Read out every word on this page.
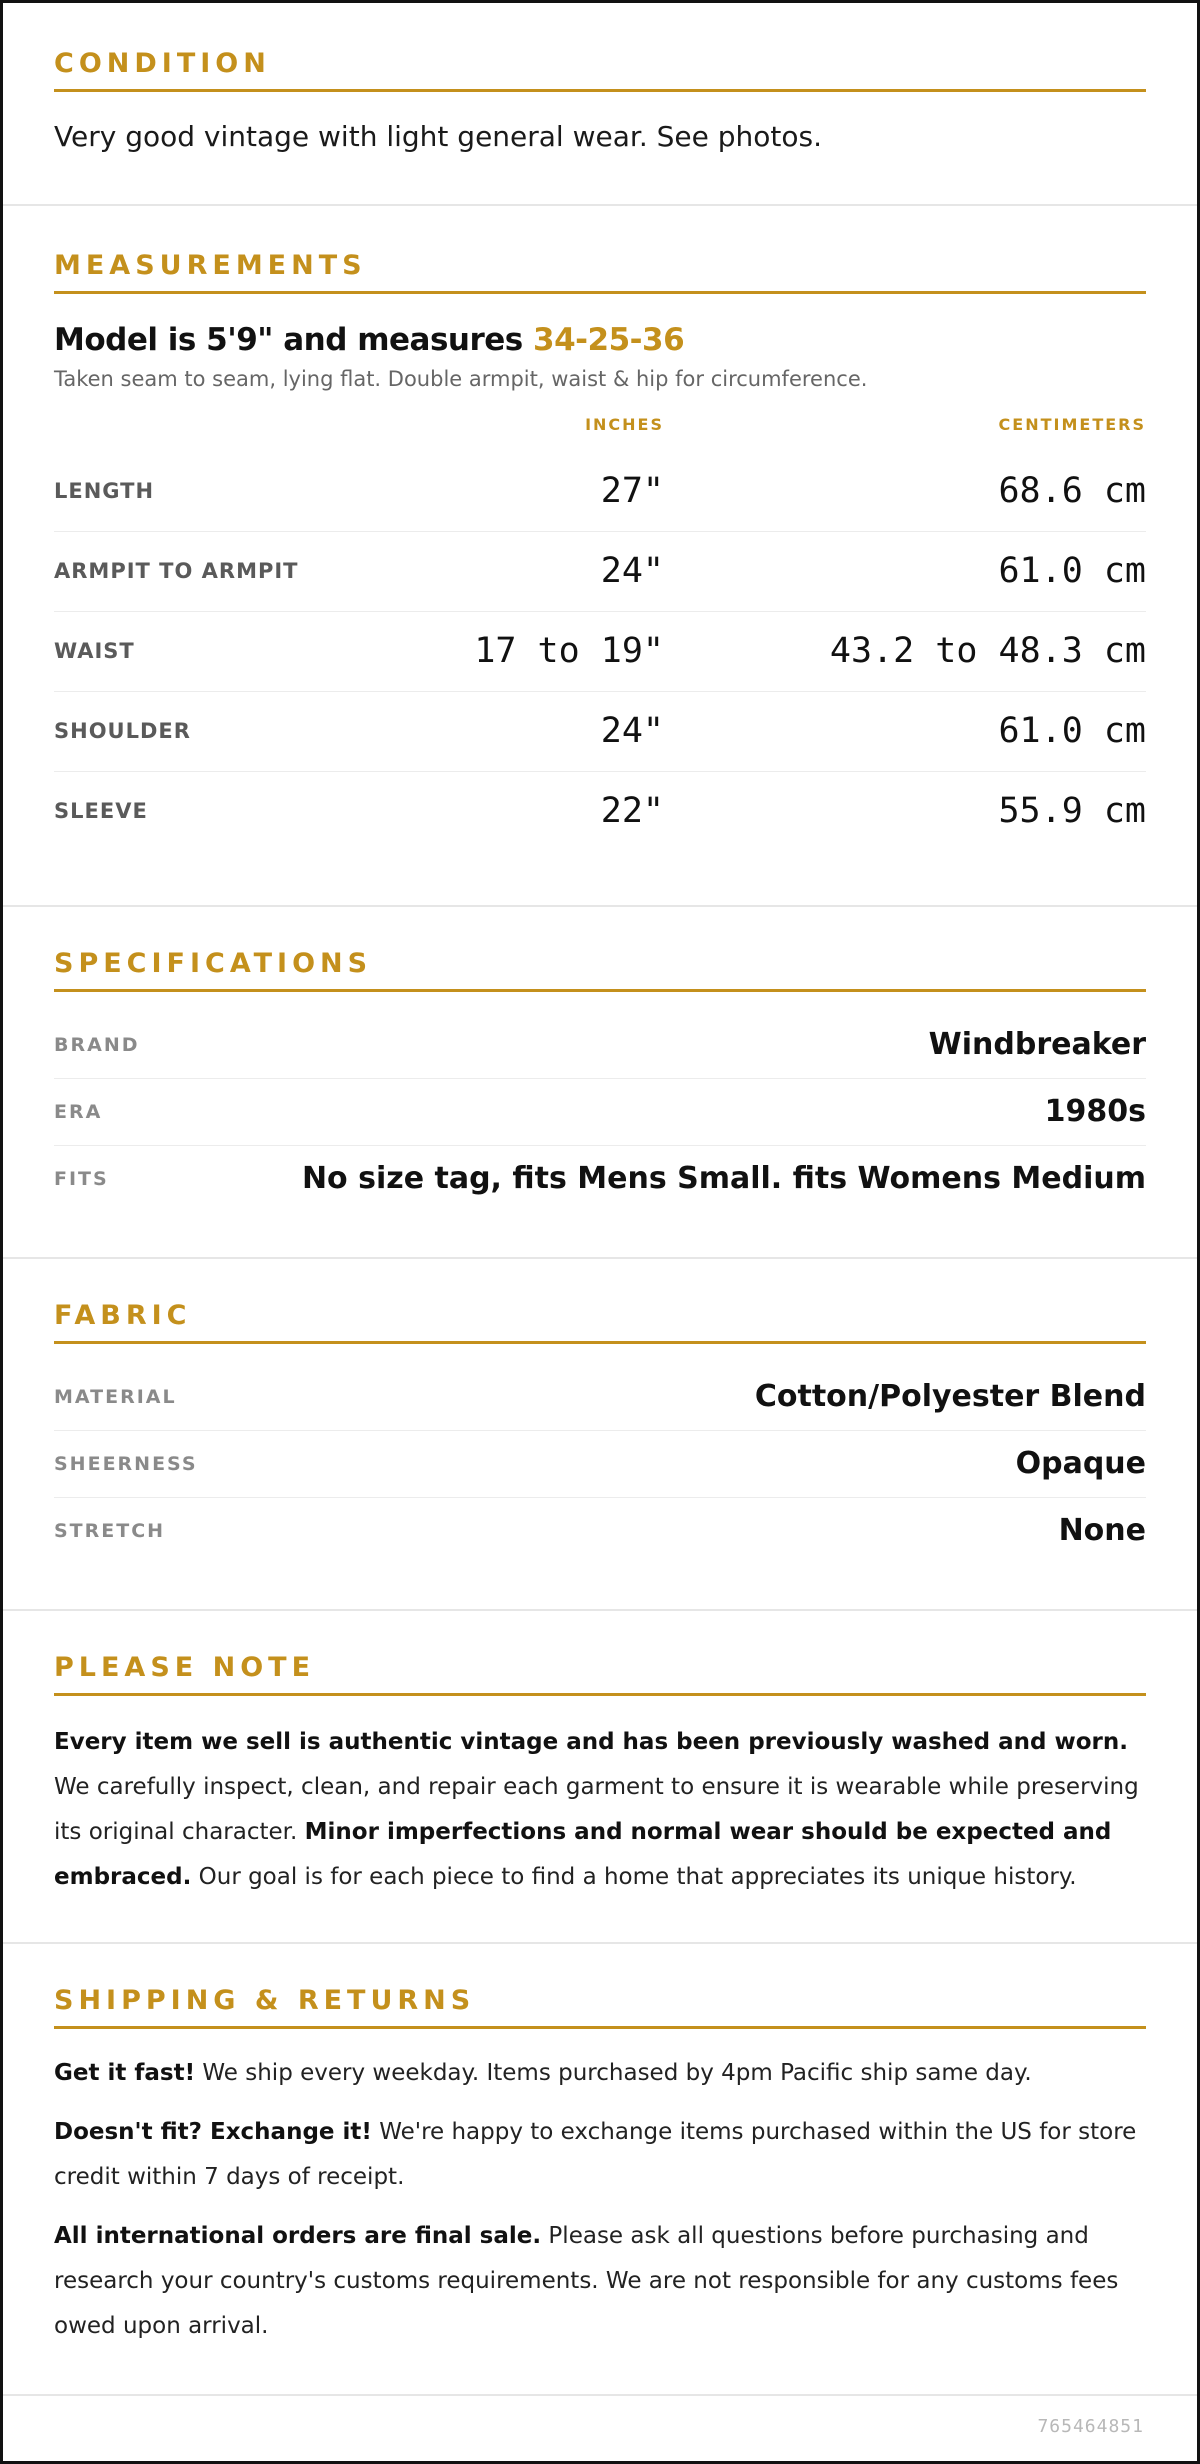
CONDITION
Very good vintage with light general wear. See photos.
MEASUREMENTS
Model is 5'9" and measures 34-25-36
Taken seam to seam, lying flat. Double armpit, waist & hip for circumference.
INCHES	CENTIMETERS
LENGTH	27"	68.6 cm
ARMPIT TO ARMPIT	24"	61.0 cm
WAIST	17 to 19"	43.2 to 48.3 cm
SHOULDER	24"	61.0 cm
SLEEVE	22"	55.9 cm
SPECIFICATIONS
BRAND	Windbreaker
ERA	1980s
FITS	No size tag, fits Mens Small. fits Womens Medium
FABRIC
MATERIAL	Cotton/Polyester Blend
SHEERNESS	Opaque
STRETCH	None
PLEASE NOTE
Every item we sell is authentic vintage and has been previously washed and worn. We carefully inspect, clean, and repair each garment to ensure it is wearable while preserving its original character. Minor imperfections and normal wear should be expected and embraced. Our goal is for each piece to find a home that appreciates its unique history.
SHIPPING & RETURNS

Get it fast! We ship every weekday. Items purchased by 4pm Pacific ship same day.

Doesn't fit? Exchange it! We're happy to exchange items purchased within the US for store credit within 7 days of receipt.

All international orders are final sale. Please ask all questions before purchasing and research your country's customs requirements. We are not responsible for any customs fees owed upon arrival.

765464851
